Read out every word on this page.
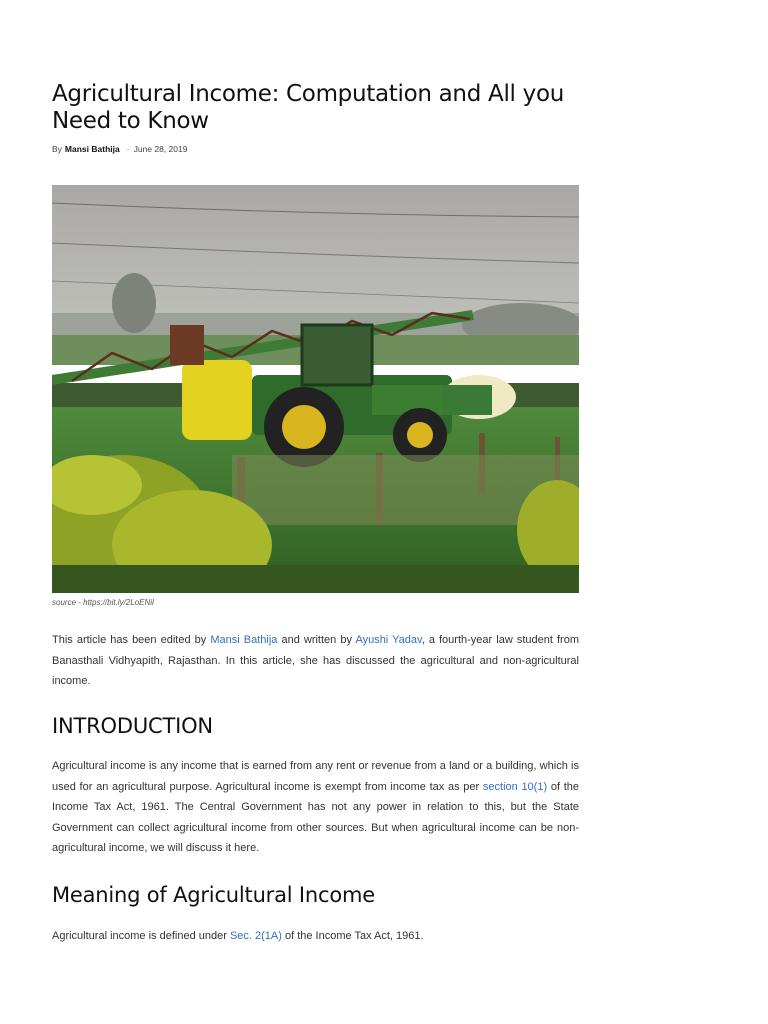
Agricultural Income: Computation and All you Need to Know
By Mansi Bathija - June 28, 2019
source - https://bit.ly/2LoENil

This article has been edited by Mansi Bathija and written by Ayushi Yadav, a fourth-year law student from Banasthali Vidhyapith, Rajasthan. In this article, she has discussed the agricultural and non-agricultural income.

INTRODUCTION

Agricultural income is any income that is earned from any rent or revenue from a land or a building, which is used for an agricultural purpose. Agricultural income is exempt from income tax as per section 10(1) of the Income Tax Act, 1961. The Central Government has not any power in relation to this, but the State Government can collect agricultural income from other sources. But when agricultural income can be non-agricultural income, we will discuss it here.

Meaning of Agricultural Income

Agricultural income is defined under Sec. 2(1A) of the Income Tax Act, 1961.
